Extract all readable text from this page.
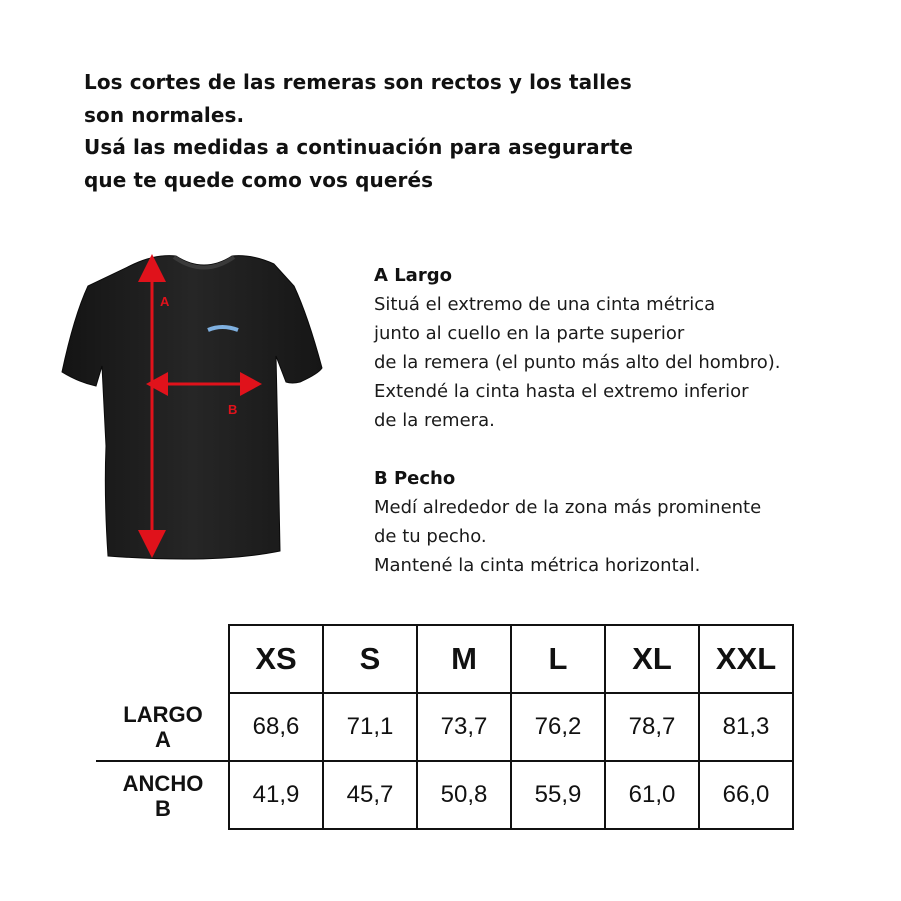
Los cortes de las remeras son rectos y los talles

son normales.

Usá las medidas a continuación para asegurarte

que te quede como vos querés

A
B
A Largo
Situá el extremo de una cinta métrica
junto al cuello en la parte superior
de la remera (el punto más alto del hombro).
Extendé la cinta hasta el extremo inferior
de la remera.
B Pecho
Medí alrededor de la zona más prominente
de tu pecho.
Mantené la cinta métrica horizontal.
	XS	S	M	L	XL	XXL
LARGO
A	68,6	71,1	73,7	76,2	78,7	81,3
ANCHO
B	41,9	45,7	50,8	55,9	61,0	66,0
